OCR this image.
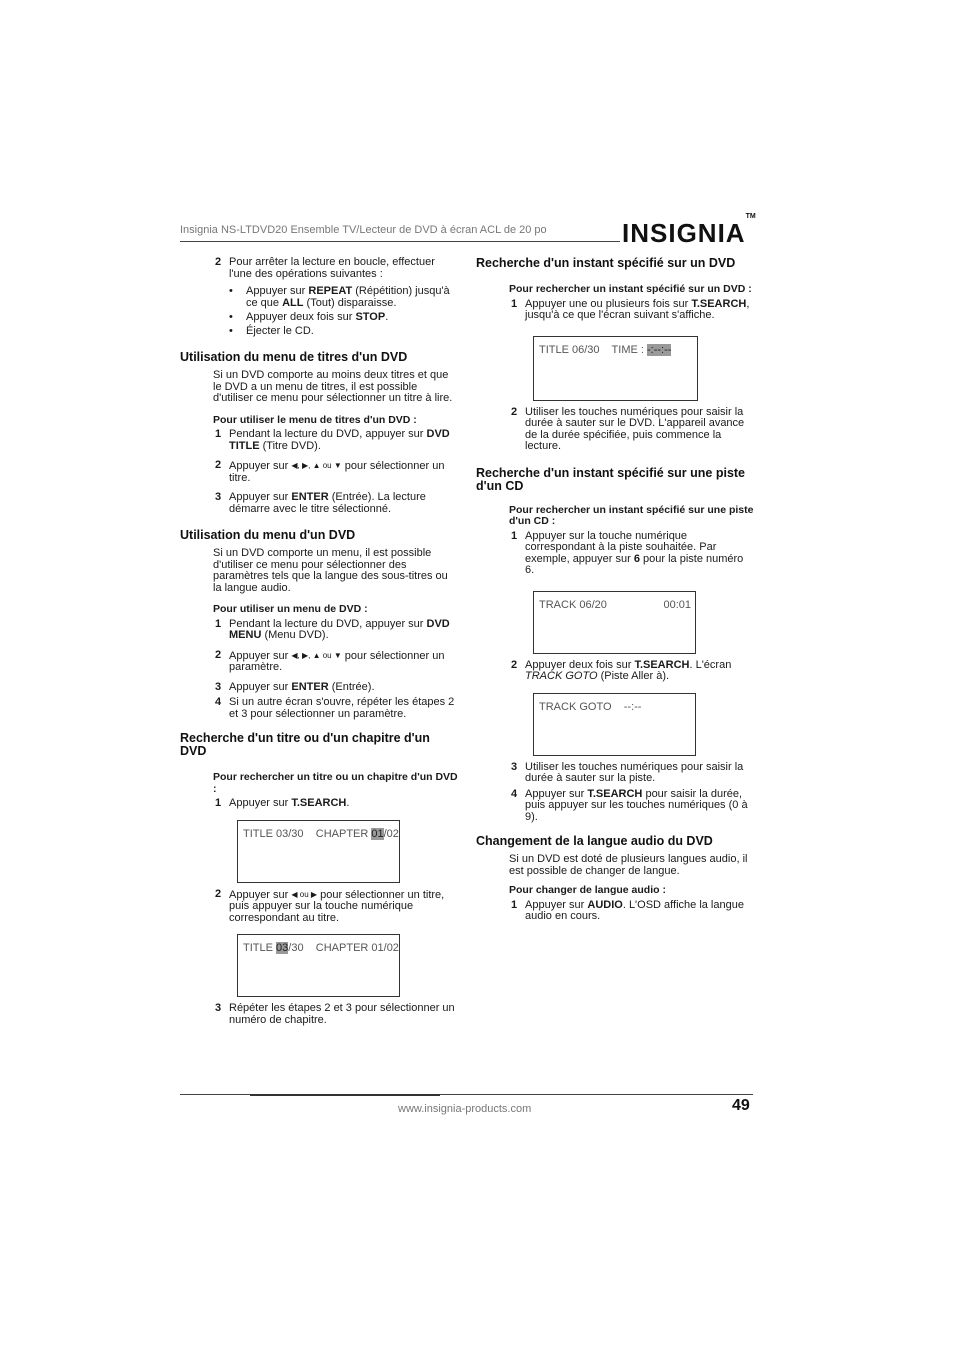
Insignia NS-LTDVD20 Ensemble TV/Lecteur de DVD à écran ACL de 20 po	INSIGNIA™
2 Pour arrêter la lecture en boucle, effectuer l'une des opérations suivantes :
• Appuyer sur REPEAT (Répétition) jusqu'à ce que ALL (Tout) disparaisse.
• Appuyer deux fois sur STOP.
• Éjecter le CD.
Utilisation du menu de titres d'un DVD
Si un DVD comporte au moins deux titres et que le DVD a un menu de titres, il est possible d'utiliser ce menu pour sélectionner un titre à lire.
Pour utiliser le menu de titres d'un DVD :
1 Pendant la lecture du DVD, appuyer sur DVD TITLE (Titre DVD).
2 Appuyer sur ◀, ▶, ▲ ou ▼ pour sélectionner un titre.
3 Appuyer sur ENTER (Entrée). La lecture démarre avec le titre sélectionné.
Utilisation du menu d'un DVD
Si un DVD comporte un menu, il est possible d'utiliser ce menu pour sélectionner des paramètres tels que la langue des sous-titres ou la langue audio.
Pour utiliser un menu de DVD :
1 Pendant la lecture du DVD, appuyer sur DVD MENU (Menu DVD).
2 Appuyer sur ◀, ▶, ▲ ou ▼ pour sélectionner un paramètre.
3 Appuyer sur ENTER (Entrée).
4 Si un autre écran s'ouvre, répéter les étapes 2 et 3 pour sélectionner un paramètre.
Recherche d'un titre ou d'un chapitre d'un DVD
Pour rechercher un titre ou un chapitre d'un DVD :
1 Appuyer sur T.SEARCH.
TITLE 03/30    CHAPTER 01/02
2 Appuyer sur ◀ ou ▶ pour sélectionner un titre, puis appuyer sur la touche numérique correspondant au titre.
TITLE 03/30    CHAPTER 01/02
3 Répéter les étapes 2 et 3 pour sélectionner un numéro de chapitre.
Recherche d'un instant spécifié sur un DVD
Pour rechercher un instant spécifié sur un DVD :
1 Appuyer une ou plusieurs fois sur T.SEARCH, jusqu'à ce que l'écran suivant s'affiche.
TITLE 06/30    TIME : -:--:--
2 Utiliser les touches numériques pour saisir la durée à sauter sur le DVD. L'appareil avance de la durée spécifiée, puis commence la lecture.
Recherche d'un instant spécifié sur une piste d'un CD
Pour rechercher un instant spécifié sur une piste d'un CD :
1 Appuyer sur la touche numérique correspondant à la piste souhaitée. Par exemple, appuyer sur 6 pour la piste numéro 6.
TRACK 06/20	00:01
2 Appuyer deux fois sur T.SEARCH. L'écran TRACK GOTO (Piste Aller à).
TRACK GOTO    --:--
3 Utiliser les touches numériques pour saisir la durée à sauter sur la piste.
4 Appuyer sur T.SEARCH pour saisir la durée, puis appuyer sur les touches numériques (0 à 9).
Changement de la langue audio du DVD
Si un DVD est doté de plusieurs langues audio, il est possible de changer de langue.
Pour changer de langue audio :
1 Appuyer sur AUDIO. L'OSD affiche la langue audio en cours.
www.insignia-products.com	49
